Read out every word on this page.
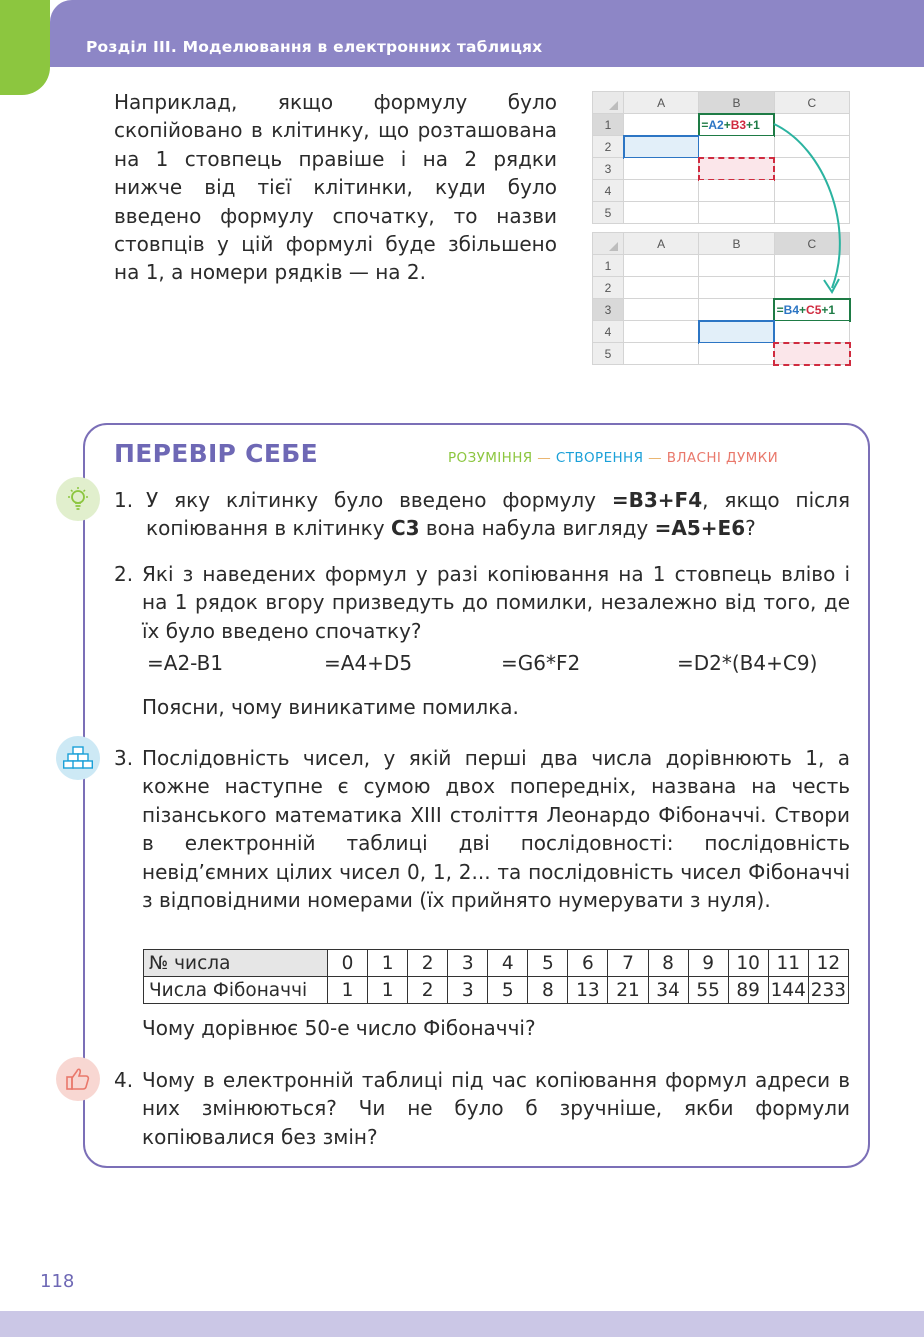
Розділ ІІІ. Моделювання в електронних таблицях

Наприклад, якщо формулу було скопійовано в клітинку, що розташована на 1 стовпець правіше і на 2 рядки нижче від тієї клітинки, куди було введено формулу спочатку, то назви стовпців у цій формулі буде збільшено на 1, а номери рядків — на 2.

	A	B	C
1		=A2+B3+1	
2			
3			
4			
5			
	A	B	C
1			
2			
3			=B4+C5+1
4			
5			
ПЕРЕВІР СЕБЕ	РОЗУМІННЯ — СТВОРЕННЯ — ВЛАСНІ ДУМКИ
1. У яку клітинку було введено формулу =B3+F4, якщо після копіювання в клітинку C3 вона набула вигляду =A5+E6?

2. Які з наведених формул у разі копіювання на 1 стовпець вліво і на 1 рядок вгору призведуть до помилки, незалежно від того, де їх було введено спочатку?

=A2-B1	=A4+D5	=G6*F2	=D2*(B4+C9)
Поясни, чому виникатиме помилка.
3. Послідовність чисел, у якій перші два числа дорівнюють 1, а кожне наступне є сумою двох попередніх, названа на честь пізанського математика XIII століття Леонардо Фібоначчі. Створи в електронній таблиці дві послідовності: послідовність невід’ємних цілих чисел 0, 1, 2... та послідовність чисел Фібоначчі з відповідними номерами (їх прийнято нумерувати з нуля).

№ числа	0	1	2	3	4	5	6	7	8	9	10	11	12
Числа Фібоначчі	1	1	2	3	5	8	13	21	34	55	89	144	233
Чому дорівнює 50-е число Фібоначчі?
4. Чому в електронній таблиці під час копіювання формул адреси в них змінюються? Чи не було б зручніше, якби формули копіювалися без змін?

118
